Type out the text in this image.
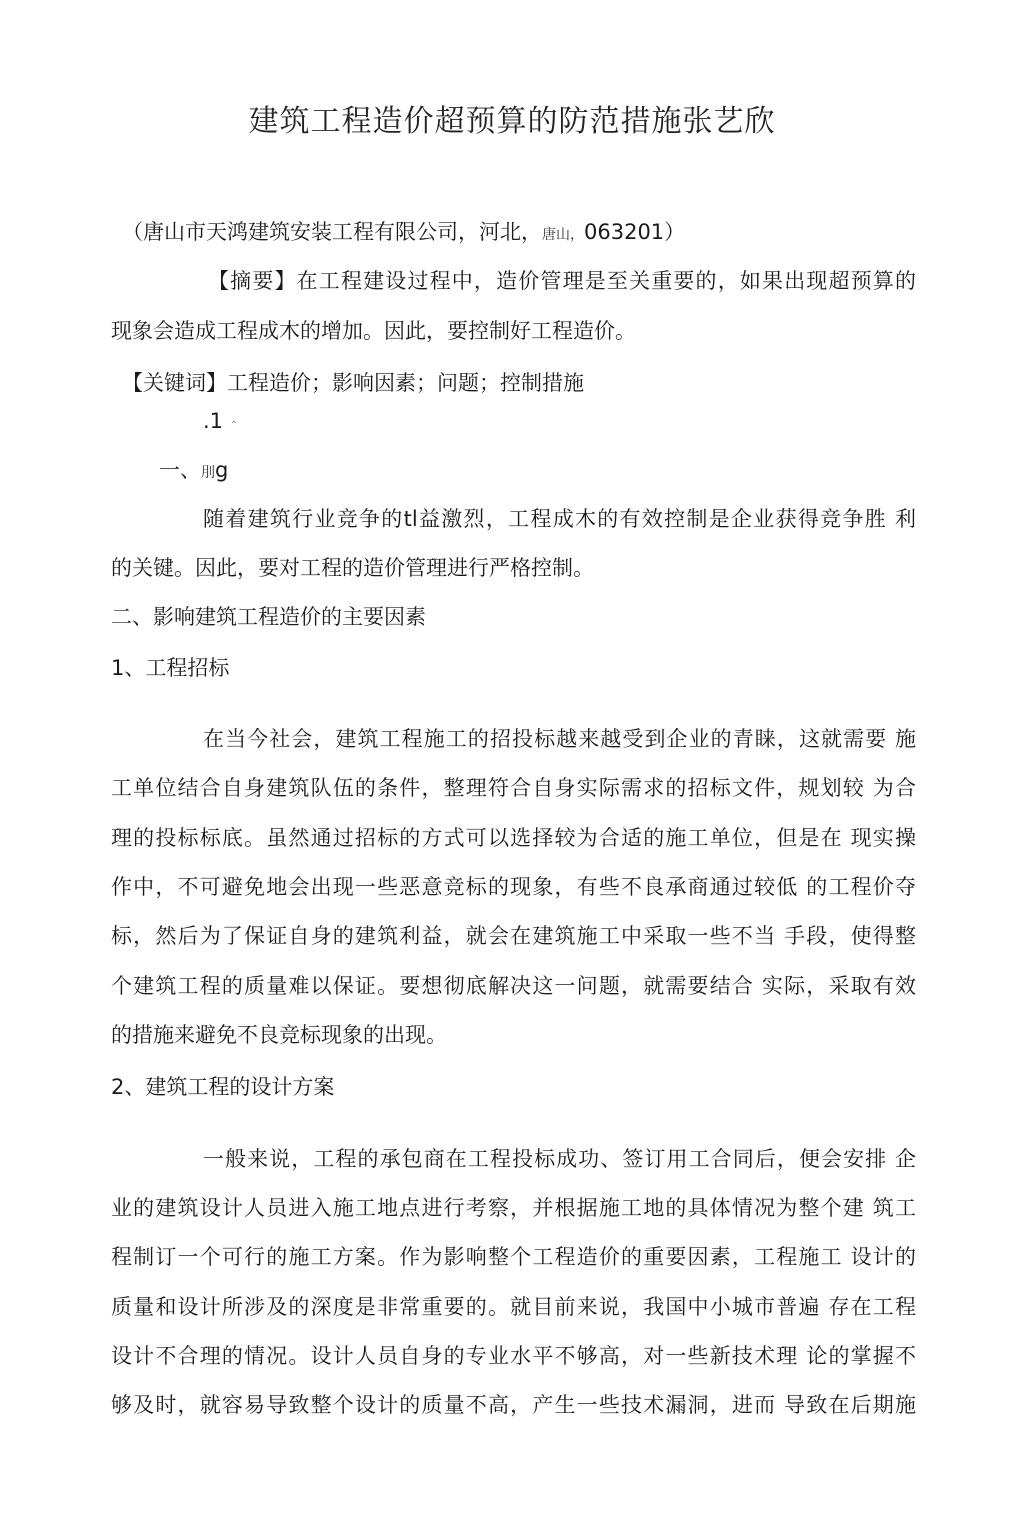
建筑工程造价超预算的防范措施张艺欣
（唐山市天鸿建筑安装工程有限公司，河北，唐山，063201）
【摘要】在工程建设过程中，造价管理是至关重要的，如果出现超预算的
现象会造成工程成木的增加。因此，要控制好工程造价。
【关键词】工程造价；影响因素；问题；控制措施
.1 ⌃
一、刖g
随着建筑行业竞争的tl益激烈，工程成木的有效控制是企业获得竞争胜 利
的关键。因此，要对工程的造价管理进行严格控制。
二、影响建筑工程造价的主要因素
1、工程招标
在当今社会，建筑工程施工的招投标越来越受到企业的青睐，这就需要 施
工单位结合自身建筑队伍的条件，整理符合自身实际需求的招标文件，规划较 为合
理的投标标底。虽然通过招标的方式可以选择较为合适的施工单位，但是在 现实操
作中，不可避免地会出现一些恶意竞标的现象，有些不良承商通过较低 的工程价夺
标，然后为了保证自身的建筑利益，就会在建筑施工中采取一些不当 手段，使得整
个建筑工程的质量难以保证。要想彻底解决这一问题，就需要结合 实际，采取有效
的措施来避免不良竞标现象的出现。
2、建筑工程的设计方案
一般来说，工程的承包商在工程投标成功、签订用工合同后，便会安排 企
业的建筑设计人员进入施工地点进行考察，并根据施工地的具体情况为整个建 筑工
程制订一个可行的施工方案。作为影响整个工程造价的重要因素，工程施工 设计的
质量和设计所涉及的深度是非常重要的。就目前来说，我国中小城市普遍 存在工程
设计不合理的情况。设计人员自身的专业水平不够高，对一些新技术理 论的掌握不
够及时，就容易导致整个设计的质量不高，产生一些技术漏洞，进而 导致在后期施
